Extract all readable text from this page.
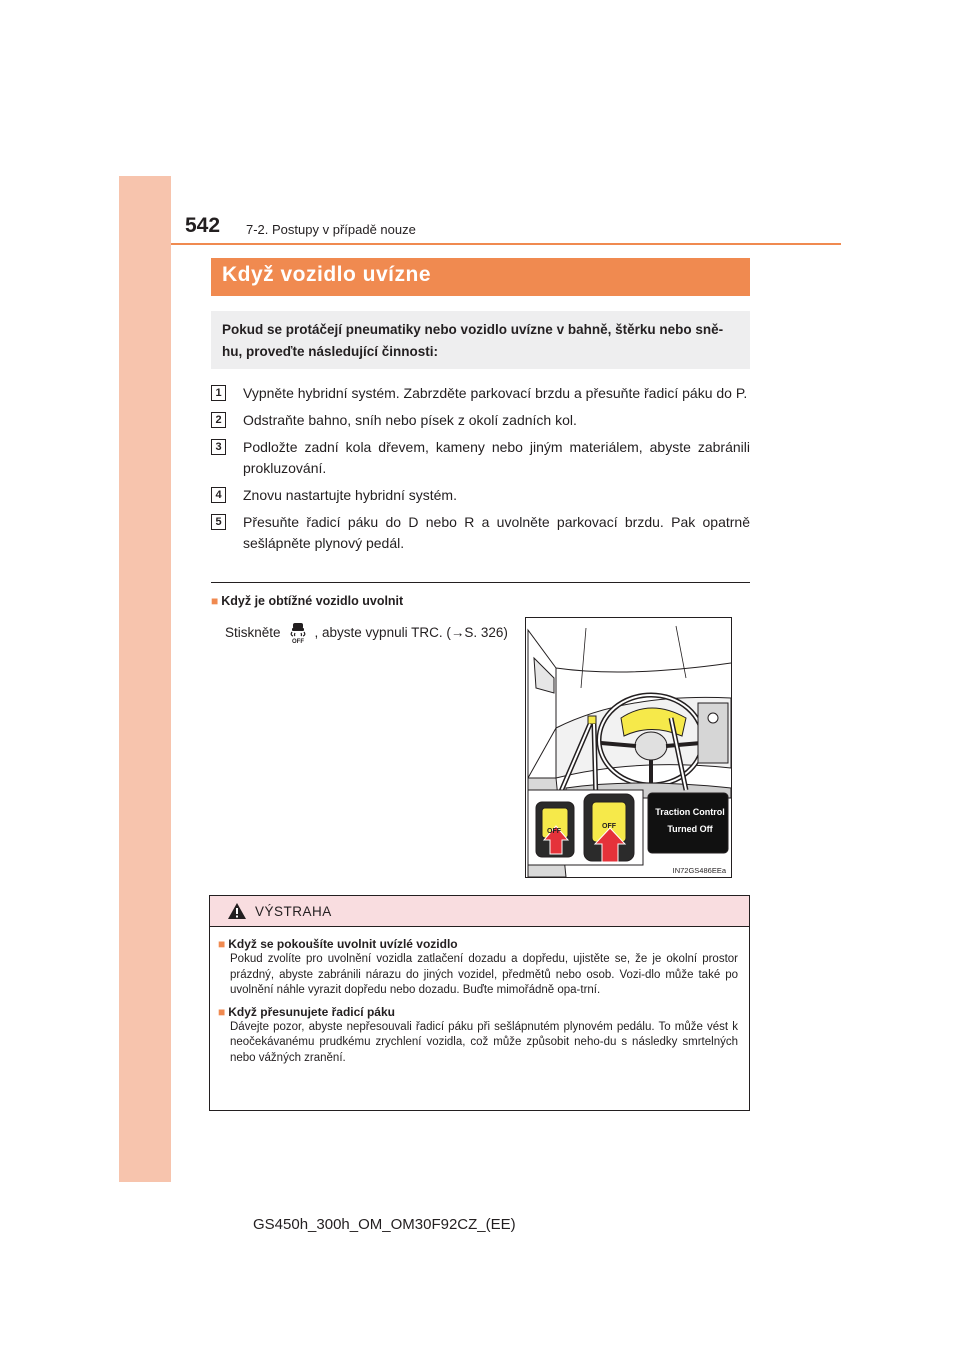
542 7-2. Postupy v případě nouze
Když vozidlo uvízne
Pokud se protáčejí pneumatiky nebo vozidlo uvízne v bahně, štěrku nebo sně-hu, proveďte následující činnosti:
1	Vypněte hybridní systém. Zabrzděte parkovací brzdu a přesuňte řadicí páku do P.
2	Odstraňte bahno, sníh nebo písek z okolí zadních kol.
3	Podložte zadní kola dřevem, kameny nebo jiným materiálem, abyste zabránili prokluzování.
4	Znovu nastartujte hybridní systém.
5	Přesuňte řadicí páku do D nebo R a uvolněte parkovací brzdu. Pak opatrně sešlápněte plynový pedál.
■ Když je obtížné vozidlo uvolnit
Stiskněte
OFF
, abyste vypnuli TRC. (→S. 326)
Traction Control
Turned Off
OFF
OFF
IN72GS486EEa
VÝSTRAHA
■ Když se pokoušíte uvolnit uvízlé vozidlo
Pokud zvolíte pro uvolnění vozidla zatlačení dozadu a dopředu, ujistěte se, že je okolní prostor prázdný, abyste zabránili nárazu do jiných vozidel, předmětů nebo osob. Vozi-dlo může také po uvolnění náhle vyrazit dopředu nebo dozadu. Buďte mimořádně opa-trní.
■ Když přesunujete řadicí páku
Dávejte pozor, abyste nepřesouvali řadicí páku při sešlápnutém plynovém pedálu. To může vést k neočekávanému prudkému zrychlení vozidla, což může způsobit neho-du s následky smrtelných nebo vážných zranění.
GS450h_300h_OM_OM30F92CZ_(EE)
